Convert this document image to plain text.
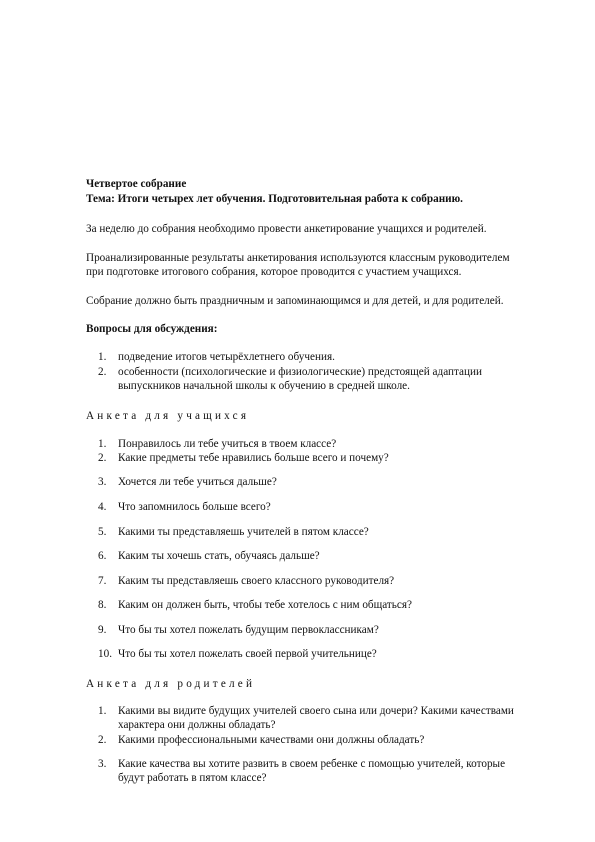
Четвертое собрание
Тема: Итоги четырех лет обучения. Подготовительная работа к собранию.
За неделю до собрания необходимо провести анкетирование учащихся и родителей.
Проанализированные результаты анкетирования используются классным руководителем
при подготовке итогового собрания, которое проводится с участием учащихся.
Собрание должно быть праздничным и запоминающимся и для детей, и для родителей.
Вопросы для обсуждения:
1.	подведение итогов четырёхлетнего обучения.
2.	особенности (психологические и физиологические) предстоящей адаптации
выпускников начальной школы к обучению в средней школе.
Анкета для учащихся
1.	Понравилось ли тебе учиться в твоем классе?
2.	Какие предметы тебе нравились больше всего и почему?
3.	Хочется ли тебе учиться дальше?
4.	Что запомнилось больше всего?
5.	Какими ты представляешь учителей в пятом классе?
6.	Каким ты хочешь стать, обучаясь дальше?
7.	Каким ты представляешь своего классного руководителя?
8.	Каким он должен быть, чтобы тебе хотелось с ним общаться?
9.	Что бы ты хотел пожелать будущим первоклассникам?
10. Что бы ты хотел пожелать своей первой учительнице?
Анкета для родителей
1.	Какими вы видите будущих учителей своего сына или дочери? Какими качествами
характера они должны обладать?
2.	Какими профессиональными качествами они должны обладать?
3.	Какие качества вы хотите развить в своем ребенке с помощью учителей, которые
будут работать в пятом классе?
